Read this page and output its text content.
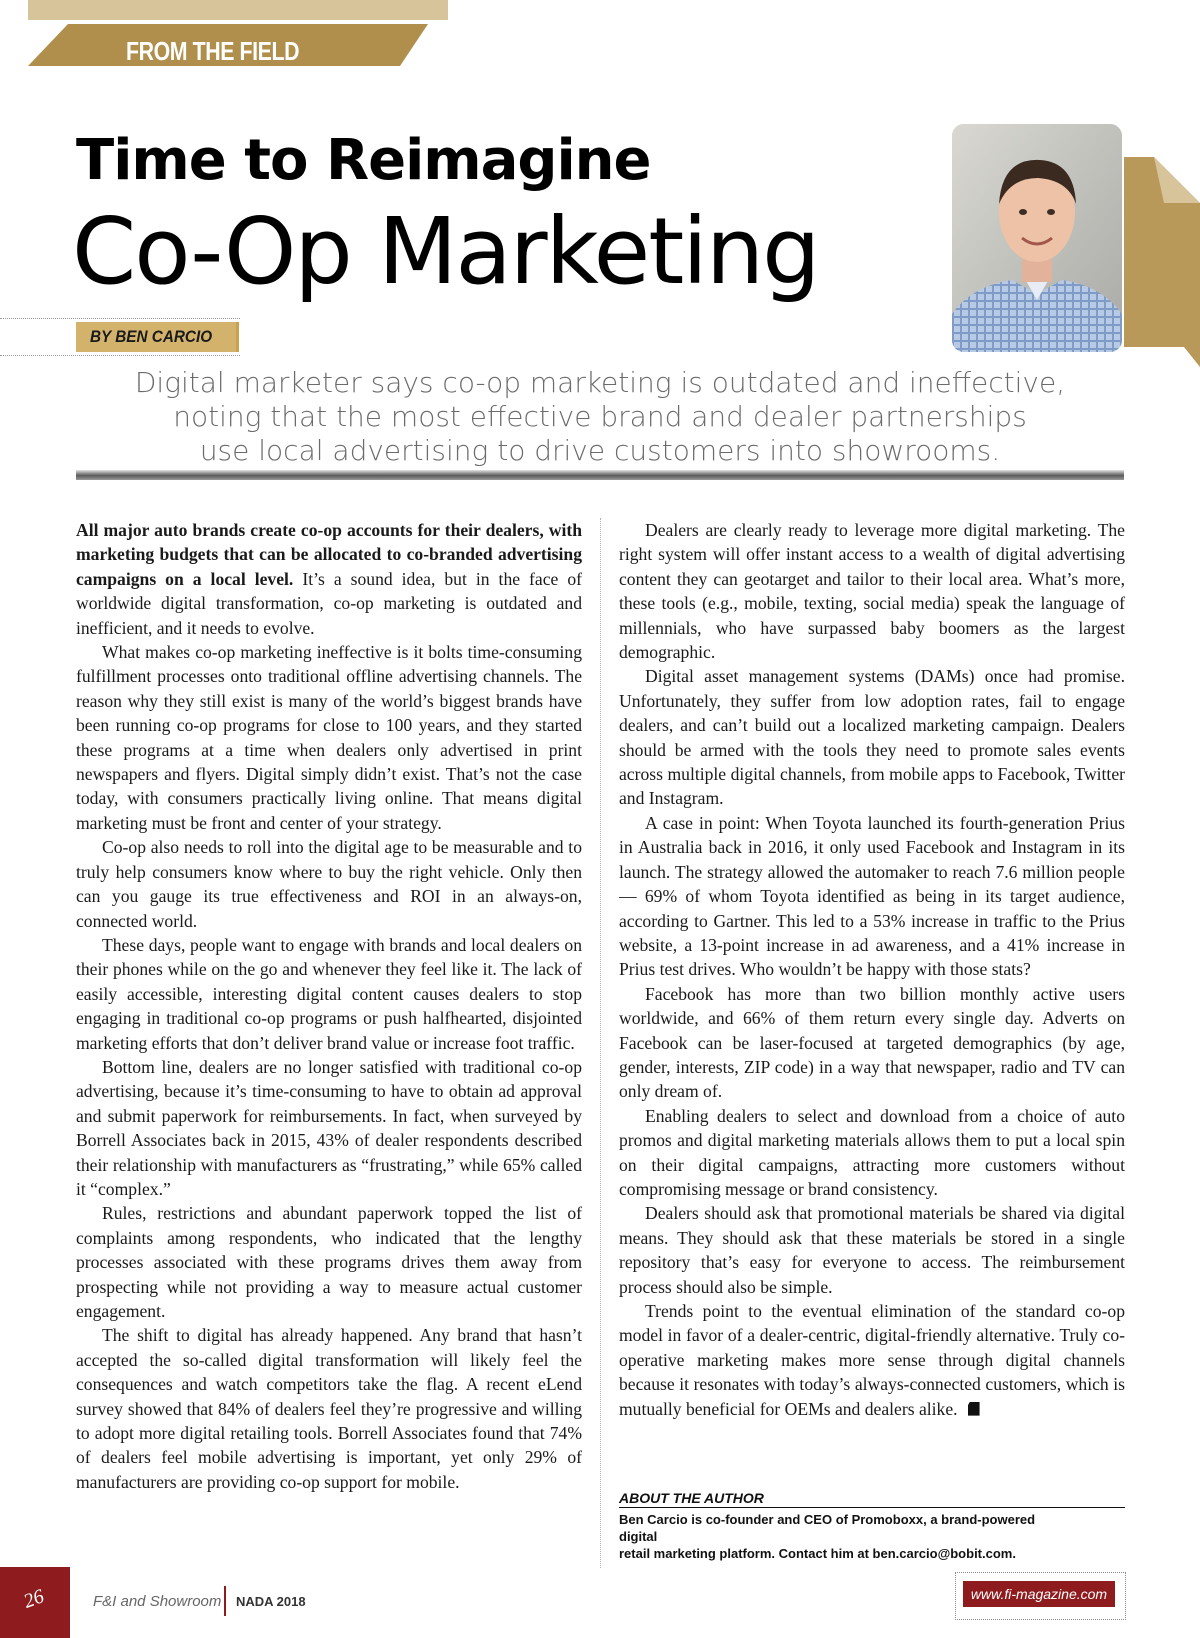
FROM THE FIELD
Time to Reimagine
Co-Op Marketing
BY BEN CARCIO
Digital marketer says co-op marketing is outdated and ineffective,
noting that the most effective brand and dealer partnerships
use local advertising to drive customers into showrooms.

All major auto brands create co-op accounts for their dealers, with marketing budgets that can be allocated to co-branded advertising campaigns on a local level. It’s a sound idea, but in the face of worldwide digital transformation, co-op marketing is outdated and inefficient, and it needs to evolve.

What makes co-op marketing ineffective is it bolts time-consuming fulfillment processes onto traditional offline advertising channels. The reason why they still exist is many of the world’s biggest brands have been running co-op programs for close to 100 years, and they started these programs at a time when dealers only advertised in print newspapers and flyers. Digital simply didn’t exist. That’s not the case today, with consumers practically living online. That means digital marketing must be front and center of your strategy.

Co-op also needs to roll into the digital age to be measurable and to truly help consumers know where to buy the right vehicle. Only then can you gauge its true effectiveness and ROI in an always-on, connected world.

These days, people want to engage with brands and local dealers on their phones while on the go and whenever they feel like it. The lack of easily accessible, interesting digital content causes dealers to stop engaging in traditional co-op programs or push halfhearted, disjointed marketing efforts that don’t deliver brand value or increase foot traffic.

Bottom line, dealers are no longer satisfied with traditional co-op advertising, because it’s time-consuming to have to obtain ad approval and submit paperwork for reimbursements. In fact, when surveyed by Borrell Associates back in 2015, 43% of dealer respondents described their relationship with manufacturers as “frustrating,” while 65% called it “complex.”

Rules, restrictions and abundant paperwork topped the list of complaints among respondents, who indicated that the lengthy processes associated with these programs drives them away from prospecting while not providing a way to measure actual customer engagement.

The shift to digital has already happened. Any brand that hasn’t accepted the so-called digital transformation will likely feel the consequences and watch competitors take the flag. A recent eLend survey showed that 84% of dealers feel they’re progressive and willing to adopt more digital retailing tools. Borrell Associates found that 74% of dealers feel mobile advertising is important, yet only 29% of manufacturers are providing co-op support for mobile.

Dealers are clearly ready to leverage more digital marketing. The right system will offer instant access to a wealth of digital advertising content they can geotarget and tailor to their local area. What’s more, these tools (e.g., mobile, texting, social media) speak the language of millennials, who have surpassed baby boomers as the largest demographic.

Digital asset management systems (DAMs) once had promise. Unfortunately, they suffer from low adoption rates, fail to engage dealers, and can’t build out a localized marketing campaign. Dealers should be armed with the tools they need to promote sales events across multiple digital channels, from mobile apps to Facebook, Twitter and Instagram.

A case in point: When Toyota launched its fourth-generation Prius in Australia back in 2016, it only used Facebook and Instagram in its launch. The strategy allowed the automaker to reach 7.6 million people — 69% of whom Toyota identified as being in its target audience, according to Gartner. This led to a 53% increase in traffic to the Prius website, a 13-point increase in ad awareness, and a 41% increase in Prius test drives. Who wouldn’t be happy with those stats?

Facebook has more than two billion monthly active users worldwide, and 66% of them return every single day. Adverts on Facebook can be laser-focused at targeted demographics (by age, gender, interests, ZIP code) in a way that newspaper, radio and TV can only dream of.

Enabling dealers to select and download from a choice of auto promos and digital marketing materials allows them to put a local spin on their digital campaigns, attracting more customers without compromising message or brand consistency.

Dealers should ask that promotional materials be shared via digital means. They should ask that these materials be stored in a single repository that’s easy for everyone to access. The reimbursement process should also be simple.

Trends point to the eventual elimination of the standard co-op model in favor of a dealer-centric, digital-friendly alternative. Truly co-operative marketing makes more sense through digital channels because it resonates with today’s always-connected customers, which is mutually beneficial for OEMs and dealers alike.

ABOUT THE AUTHOR
Ben Carcio is co-founder and CEO of Promoboxx, a brand-powered digital
retail marketing platform. Contact him at ben.carcio@bobit.com.
26	F&I and Showroom NADA 2018	www.fi-magazine.com
